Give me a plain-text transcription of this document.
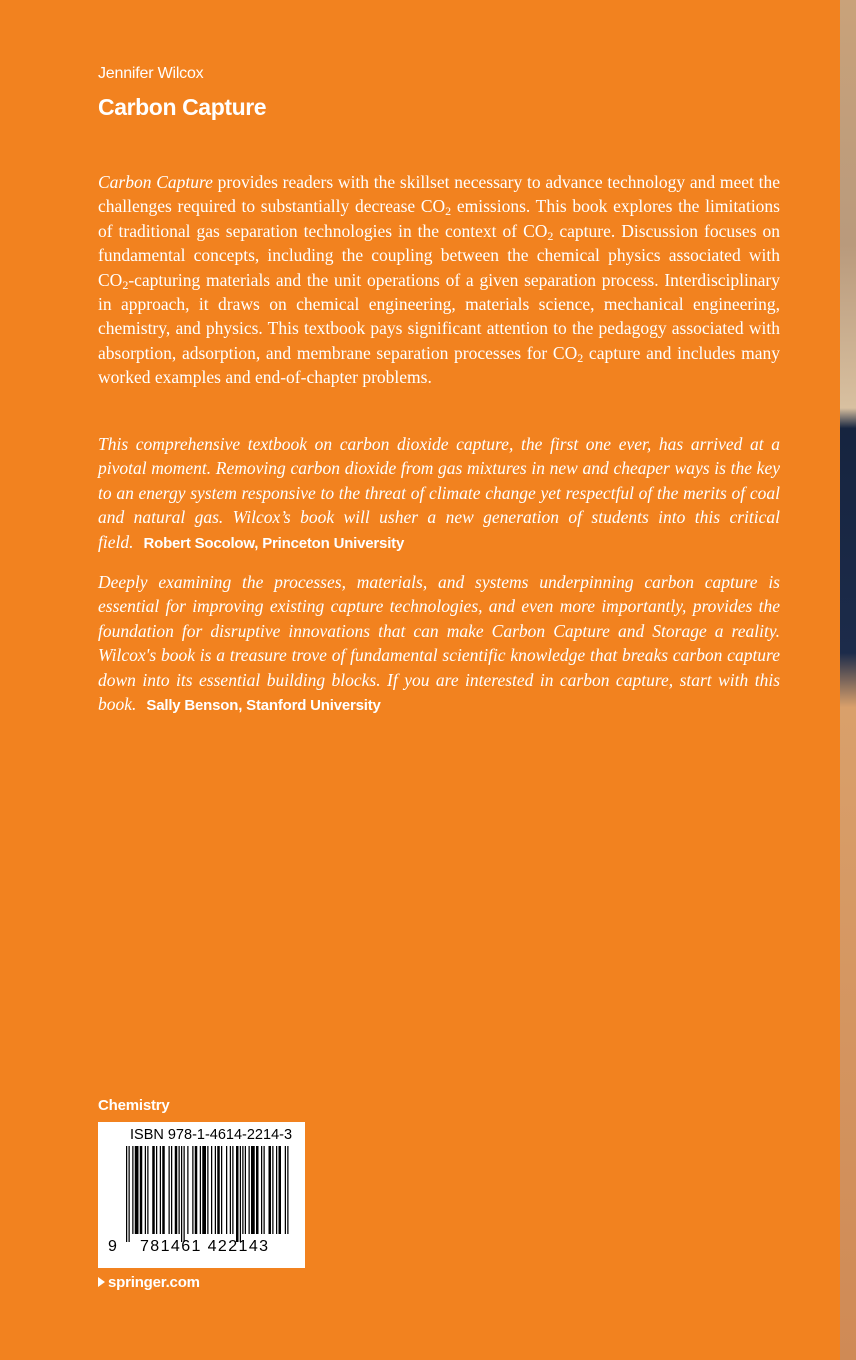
Jennifer Wilcox
Carbon Capture
Carbon Capture provides readers with the skillset necessary to advance technology and meet the challenges required to substantially decrease $CO_2$ emissions. This book explores the limitations of traditional gas separation technologies in the context of $CO_2$ capture. Discussion focuses on fundamental concepts, including the coupling between the chemical physics associated with $CO_2$-capturing materials and the unit operations of a given separation process. Interdisciplinary in approach, it draws on chemical engineering, materials science, mechanical engineering, chemistry, and physics. This textbook pays significant attention to the pedagogy associated with absorption, adsorption, and membrane separation processes for $CO_2$ capture and includes many worked examples and end-of-chapter problems.
This comprehensive textbook on carbon dioxide capture, the first one ever, has arrived at a pivotal moment. Removing carbon dioxide from gas mixtures in new and cheaper ways is the key to an energy system responsive to the threat of climate change yet respectful of the merits of coal and natural gas. Wilcox’s book will usher a new generation of students into this critical field. Robert Socolow, Princeton University
Deeply examining the processes, materials, and systems underpinning carbon capture is essential for improving existing capture technologies, and even more importantly, provides the foundation for disruptive innovations that can make Carbon Capture and Storage a reality. Wilcox's book is a treasure trove of fundamental scientific knowledge that breaks carbon capture down into its essential building blocks. If you are interested in carbon capture, start with this book. Sally Benson, Stanford University
Chemistry
ISBN 978-1-4614-2214-3
9 781461 422143
springer.com
